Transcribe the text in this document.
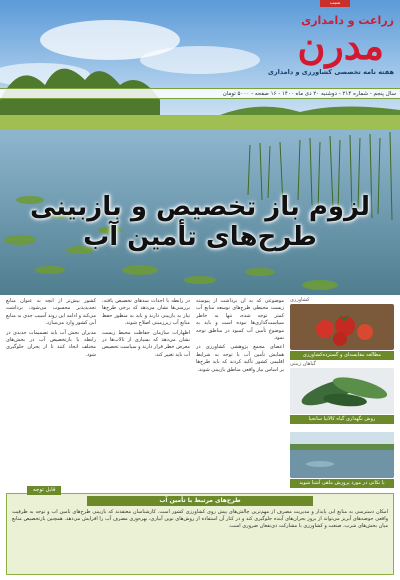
سیب
زراعت و دامداری
مدرن
هفته نامه تخصصی کشاورزی و دامداری
سال پنجم - شماره ۲۱۴ - دوشنبه ۲۰ دی ماه ۱۴۰۰ - ۱۶ صفحه - ۵۰۰۰ تومان
لزوم باز تخصیص و بازبینی
طرح‌های تأمین آب
کشاورزی
مطالعه مقایسه‌ای و گسترده‌کشاورزی
گیاهان زینتی
روش نگهداری گیاه کالاتیا سانجیا
با نکاتی در مورد پرورش ماهی آشنا شوید

موضوعی که به آن برداشت از پیوسته زیست محیطی طرح‌های توسعه منابع آب کمتر توجه شده، تنها به خاطر سیاست‌گذاری‌ها نبوده است و باید به موضوع تأمین آب کمبود در مناطق توجه نمود.

اعضای مجمع پژوهشی کشاورزی در همایش تأمین آب با توجه به شرایط اقلیمی کشور تأکید کردند که باید طرح‌ها بر اساس نیاز واقعی مناطق بازبینی شوند.

در رابطه با احداث سدهای تخصیص یافته، بررسی‌ها نشان می‌دهد که برخی طرح‌ها نیاز به بازبینی دارند و باید به منظور حفظ منابع آب زیرزمینی اصلاح شوند.

اظهارات سازمان حفاظت محیط زیست نشان می‌دهد که بسیاری از تالاب‌ها در معرض خطر قرار دارند و سیاست تخصیص آب باید تغییر کند.

کشور بیش‌تر از آنچه به عنوان منابع تجدیدپذیر محسوب می‌شود، برداشت می‌کند و ادامه این روند آسیب جدی به منابع آبی کشور وارد می‌سازد.

مدیران بخش آب باید تصمیمات جدیدی در رابطه با بازتخصیص آب در بخش‌های مختلف اتخاذ کنند تا از بحران جلوگیری شود.

قابل توجه
طرح‌های مرتبط با تأمین آب
امکان دسترسی به منابع آبی پایدار و مدیریت مصرف از مهم‌ترین چالش‌های پیش روی کشاورزی کشور است. کارشناسان معتقدند که بازبینی طرح‌های تأمین آب و توجه به ظرفیت واقعی حوضه‌های آبریز می‌تواند از بروز بحران‌های آینده جلوگیری کند و در کنار آن استفاده از روش‌های نوین آبیاری، بهره‌وری مصرف آب را افزایش می‌دهد. همچنین بازتخصیص منابع میان بخش‌های شرب، صنعت و کشاورزی با مشارکت ذی‌نفعان ضروری است.
